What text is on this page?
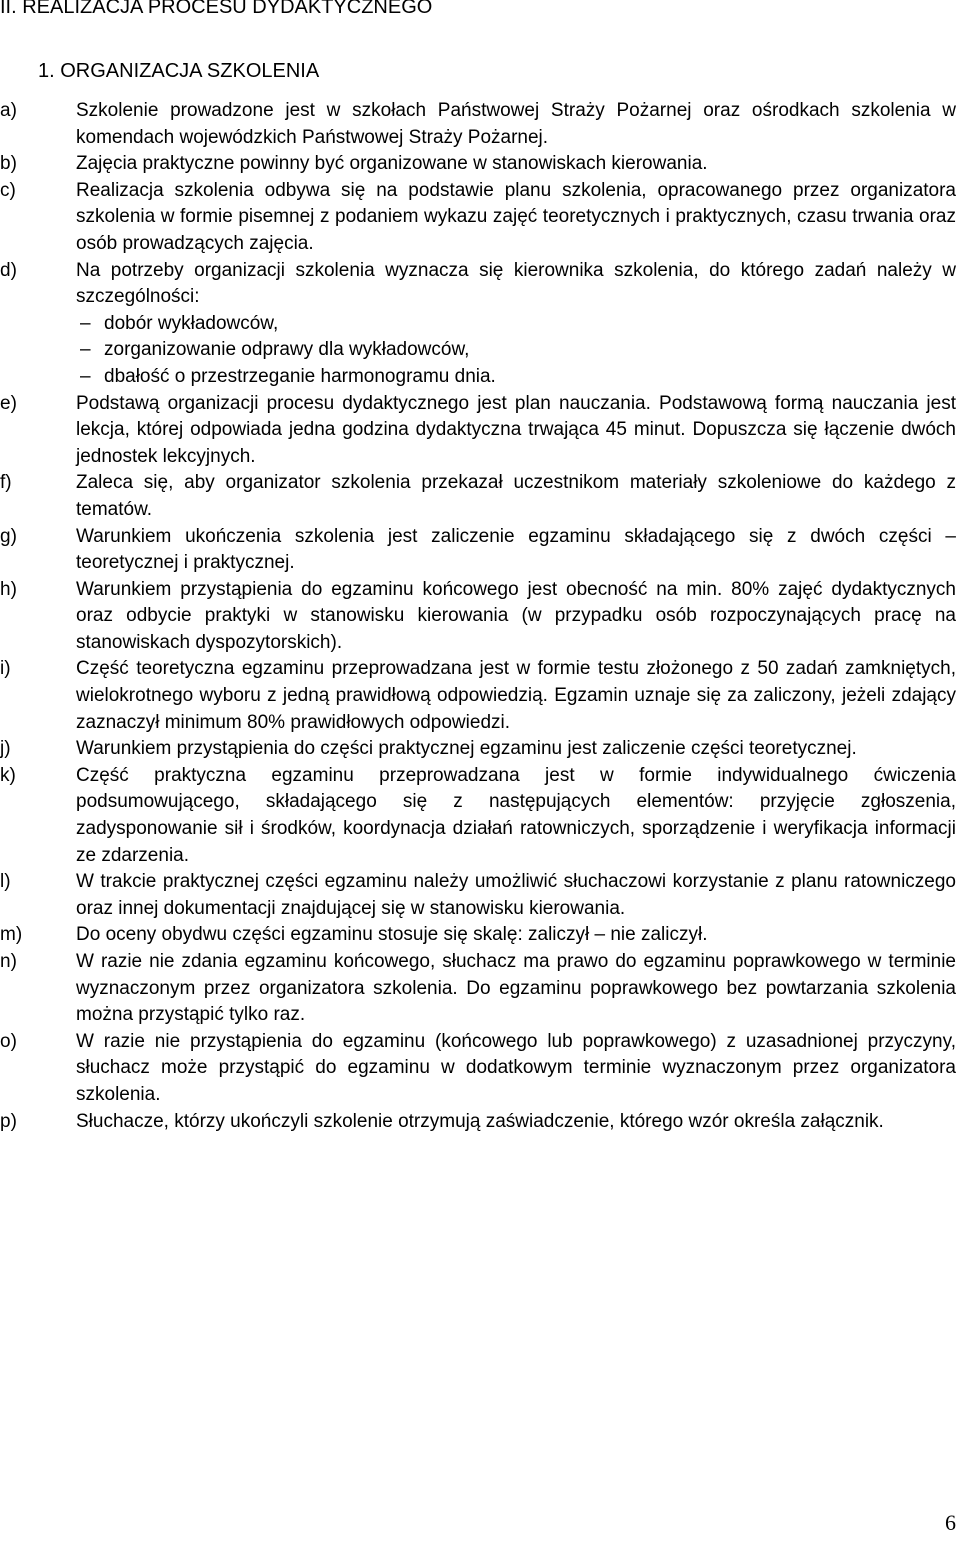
II. REALIZACJA PROCESU DYDAKTYCZNEGO
1. ORGANIZACJA SZKOLENIA
a)	Szkolenie prowadzone jest w szkołach Państwowej Straży Pożarnej oraz ośrodkach szkolenia w komendach wojewódzkich Państwowej Straży Pożarnej.
b)	Zajęcia praktyczne powinny być organizowane w stanowiskach kierowania.
c)	Realizacja szkolenia odbywa się na podstawie planu szkolenia, opracowanego przez organizatora szkolenia w formie pisemnej z podaniem wykazu zajęć teoretycznych i praktycznych, czasu trwania oraz osób prowadzących zajęcia.
d)	Na potrzeby organizacji szkolenia wyznacza się kierownika szkolenia, do którego zadań należy w szczególności:
– dobór wykładowców,
– zorganizowanie odprawy dla wykładowców,
– dbałość o przestrzeganie harmonogramu dnia.
e)	Podstawą organizacji procesu dydaktycznego jest plan nauczania. Podstawową formą nauczania jest lekcja, której odpowiada jedna godzina dydaktyczna trwająca 45 minut. Dopuszcza się łączenie dwóch jednostek lekcyjnych.
f)	Zaleca się, aby organizator szkolenia przekazał uczestnikom materiały szkoleniowe do każdego z tematów.
g)	Warunkiem ukończenia szkolenia jest zaliczenie egzaminu składającego się z dwóch części – teoretycznej i praktycznej.
h)	Warunkiem przystąpienia do egzaminu końcowego jest obecność na min. 80% zajęć dydaktycznych oraz odbycie praktyki w stanowisku kierowania (w przypadku osób rozpoczynających pracę na stanowiskach dyspozytorskich).
i)	Część teoretyczna egzaminu przeprowadzana jest w formie testu złożonego z 50 zadań zamkniętych, wielokrotnego wyboru z jedną prawidłową odpowiedzią. Egzamin uznaje się za zaliczony, jeżeli zdający zaznaczył minimum 80% prawidłowych odpowiedzi.
j)	Warunkiem przystąpienia do części praktycznej egzaminu jest zaliczenie części teoretycznej.
k)	Część praktyczna egzaminu przeprowadzana jest w formie indywidualnego ćwiczenia podsumowującego, składającego się z następujących elementów: przyjęcie zgłoszenia, zadysponowanie sił i środków, koordynacja działań ratowniczych, sporządzenie i weryfikacja informacji ze zdarzenia.
l)	W trakcie praktycznej części egzaminu należy umożliwić słuchaczowi korzystanie z planu ratowniczego oraz innej dokumentacji znajdującej się w stanowisku kierowania.
m)	Do oceny obydwu części egzaminu stosuje się skalę: zaliczył – nie zaliczył.
n)	W razie nie zdania egzaminu końcowego, słuchacz ma prawo do egzaminu poprawkowego w terminie wyznaczonym przez organizatora szkolenia. Do egzaminu poprawkowego bez powtarzania szkolenia można przystąpić tylko raz.
o)	W razie nie przystąpienia do egzaminu (końcowego lub poprawkowego) z uzasadnionej przyczyny, słuchacz może przystąpić do egzaminu w dodatkowym terminie wyznaczonym przez organizatora szkolenia.
p)	Słuchacze, którzy ukończyli szkolenie otrzymują zaświadczenie, którego wzór określa załącznik.
6
